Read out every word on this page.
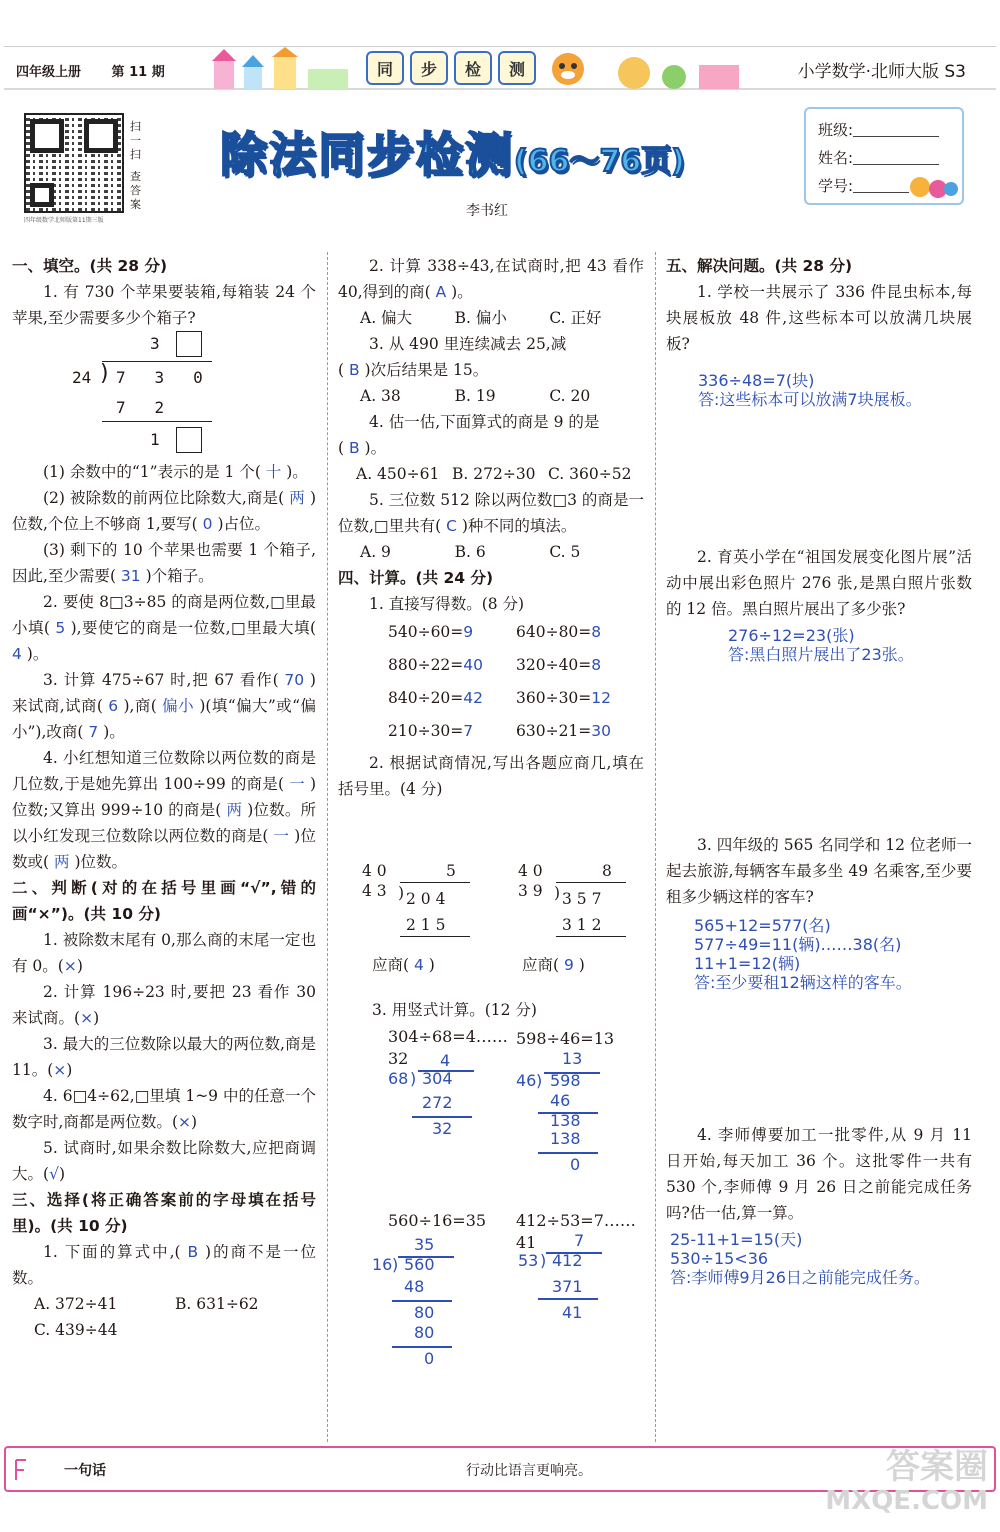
四年级上册 第 11 期	同	步	检	测	小学数学·北师大版 S3
四年级数学北师版第11期三版
扫
一
扫
查
答
案
除法同步检测(66～76页)
李书红
班级:
姓名:
学号:
一、填空。(共 28 分)
1. 有 730 个苹果要装箱,每箱装 24 个苹果,至少需要多少个箱子?
3
24 ) 7   3   0
7   2
1
(1) 余数中的“1”表示的是 1 个( 十 )。
(2) 被除数的前两位比除数大,商是( 两 )位数,个位上不够商 1,要写( 0 )占位。
(3) 剩下的 10 个苹果也需要 1 个箱子,因此,至少需要( 31 )个箱子。
2. 要使 8□3÷85 的商是两位数,□里最小填( 5 ),要使它的商是一位数,□里最大填( 4 )。
3. 计算 475÷67 时,把 67 看作( 70 )来试商,试商( 6 ),商( 偏小 )(填“偏大”或“偏小”),改商( 7 )。
4. 小红想知道三位数除以两位数的商是几位数,于是她先算出 100÷99 的商是( 一 )位数;又算出 999÷10 的商是( 两 )位数。所以小红发现三位数除以两位数的商是( 一 )位数或( 两 )位数。
二、判断(对的在括号里画“√”,错的画“×”)。(共 10 分)
1. 被除数末尾有 0,那么商的末尾一定也有 0。(×)
2. 计算 196÷23 时,要把 23 看作 30 来试商。(×)
3. 最大的三位数除以最大的两位数,商是 11。(×)
4. 6□4÷62,□里填 1~9 中的任意一个数字时,商都是两位数。(×)
5. 试商时,如果余数比除数大,应把商调大。(√)
三、选择(将正确答案前的字母填在括号里)。(共 10 分)
1. 下面的算式中,( B )的商不是一位数。
A. 372÷41	B. 631÷62
C. 439÷44
2. 计算 338÷43,在试商时,把 43 看作 40,得到的商( A )。
A. 偏大	B. 偏小	C. 正好
3. 从 490 里连续减去 25,减
( B )次后结果是 15。
A. 38	B. 19	C. 20
4. 估一估,下面算式的商是 9 的是
( B )。
A. 450÷61 B. 272÷30 C. 360÷52
5. 三位数 512 除以两位数□3 的商是一位数,□里共有( C )种不同的填法。
A. 9	B. 6	C. 5
四、计算。(共 24 分)
1. 直接写得数。(8 分)
540÷60=9	640÷80=8
880÷22=40	320÷40=8
840÷20=42	360÷30=12
210÷30=7	630÷21=30
2. 根据试商情况,写出各题应商几,填在括号里。(4 分)
4 0	5
4 3 ) 2 0 4
2 1 5
应商( 4 )
4 0	8
3 9 ) 3 5 7
3 1 2
应商( 9 )
3. 用竖式计算。(12 分)
304÷68=4……32	4
68 ) 304
272
32
598÷46=13
13
46 ) 598
46
138
138
0
560÷16=35
35
16 ) 560
48
80
80
0
412÷53=7……41	7
53 ) 412
371
41
五、解决问题。(共 28 分)
1. 学校一共展示了 336 件昆虫标本,每块展板放 48 件,这些标本可以放满几块展板?
336÷48=7(块)
答:这些标本可以放满7块展板。
2. 育英小学在“祖国发展变化图片展”活动中展出彩色照片 276 张,是黑白照片张数的 12 倍。黑白照片展出了多少张?
276÷12=23(张)
答:黑白照片展出了23张。
3. 四年级的 565 名同学和 12 位老师一起去旅游,每辆客车最多坐 49 名乘客,至少要租多少辆这样的客车?
565+12=577(名)
577÷49=11(辆)……38(名)
11+1=12(辆)
答:至少要租12辆这样的客车。
4. 李师傅要加工一批零件,从 9 月 11 日开始,每天加工 36 个。这批零件一共有 530 个,李师傅 9 月 26 日之前能完成任务吗?估一估,算一算。
25-11+1=15(天)
530÷15<36
答:李师傅9月26日之前能完成任务。
一句话	行动比语言更响亮。	答案圈
MXQE.COM
